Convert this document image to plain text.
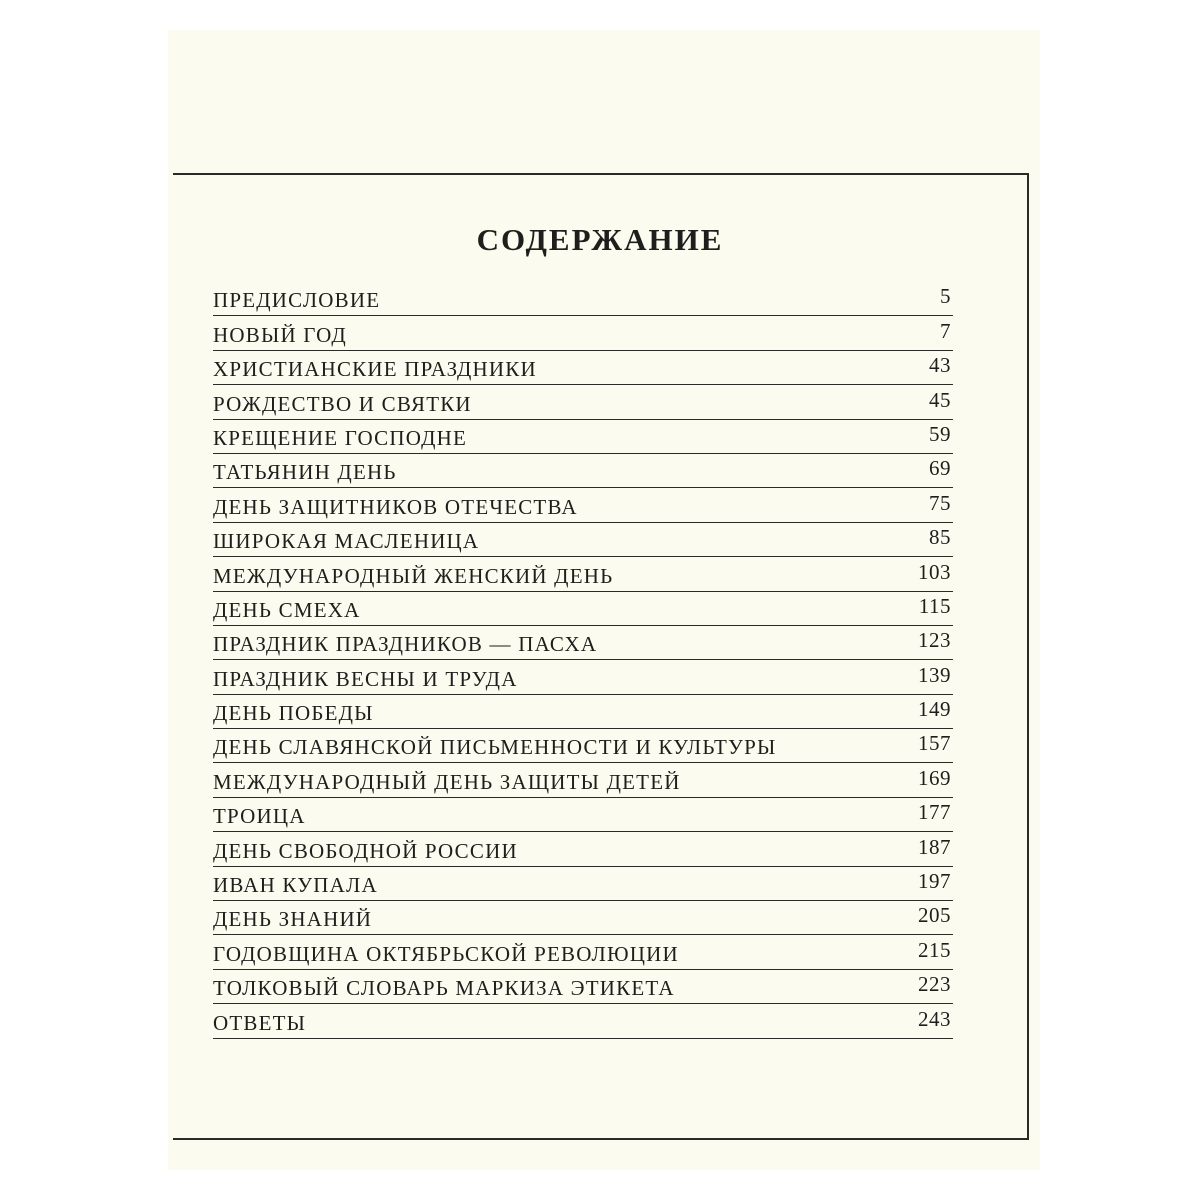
СОДЕРЖАНИЕ
ПРЕДИСЛОВИЕ	5
НОВЫЙ ГОД	7
ХРИСТИАНСКИЕ ПРАЗДНИКИ	43
РОЖДЕСТВО И СВЯТКИ	45
КРЕЩЕНИЕ ГОСПОДНЕ	59
ТАТЬЯНИН ДЕНЬ	69
ДЕНЬ ЗАЩИТНИКОВ ОТЕЧЕСТВА	75
ШИРОКАЯ МАСЛЕНИЦА	85
МЕЖДУНАРОДНЫЙ ЖЕНСКИЙ ДЕНЬ	103
ДЕНЬ СМЕХА	115
ПРАЗДНИК ПРАЗДНИКОВ — ПАСХА	123
ПРАЗДНИК ВЕСНЫ И ТРУДА	139
ДЕНЬ ПОБЕДЫ	149
ДЕНЬ СЛАВЯНСКОЙ ПИСЬМЕННОСТИ И КУЛЬТУРЫ	157
МЕЖДУНАРОДНЫЙ ДЕНЬ ЗАЩИТЫ ДЕТЕЙ	169
ТРОИЦА	177
ДЕНЬ СВОБОДНОЙ РОССИИ	187
ИВАН КУПАЛА	197
ДЕНЬ ЗНАНИЙ	205
ГОДОВЩИНА ОКТЯБРЬСКОЙ РЕВОЛЮЦИИ	215
ТОЛКОВЫЙ СЛОВАРЬ МАРКИЗА ЭТИКЕТА	223
ОТВЕТЫ	243
